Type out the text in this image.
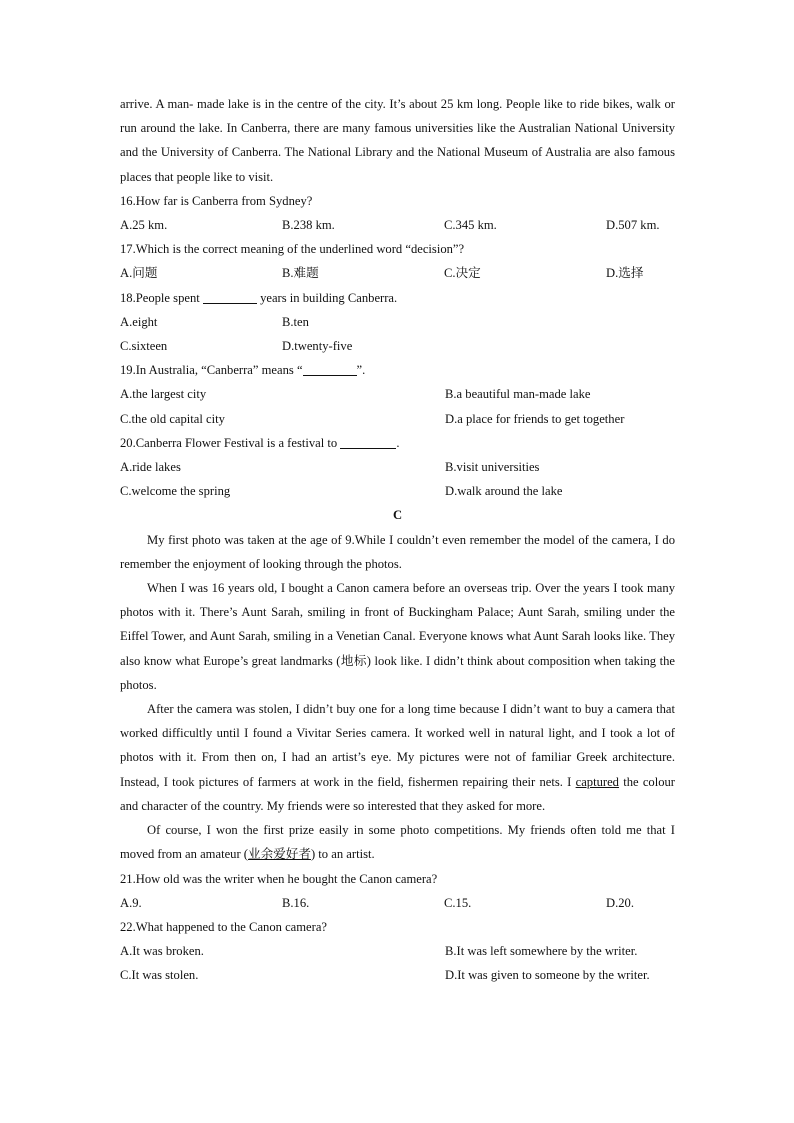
arrive. A man- made lake is in the centre of the city. It’s about 25 km long. People like to ride bikes, walk or run around the lake. In Canberra, there are many famous universities like the Australian National University and the University of Canberra. The National Library and the National Museum of Australia are also famous places that people like to visit.

16.How far is Canberra from Sydney?
A.25 km.	B.238 km.	C.345 km.	D.507 km.
17.Which is the correct meaning of the underlined word “decision”?
A.问题	B.难题	C.决定	D.选择
18.People spent	years in building Canberra.
A.eight	B.ten
C.sixteen	D.twenty-five
19.In Australia, “Canberra” means “	”.
A.the largest city	B.a beautiful man-made lake
C.the old capital city	D.a place for friends to get together
20.Canberra Flower Festival is a festival to	.
A.ride lakes	B.visit universities
C.welcome the spring	D.walk around the lake
C

My first photo was taken at the age of 9.While I couldn’t even remember the model of the camera, I do remember the enjoyment of looking through the photos.

When I was 16 years old, I bought a Canon camera before an overseas trip. Over the years I took many photos with it. There’s Aunt Sarah, smiling in front of Buckingham Palace; Aunt Sarah, smiling under the Eiffel Tower, and Aunt Sarah, smiling in a Venetian Canal. Everyone knows what Aunt Sarah looks like. They also know what Europe’s great landmarks (地标) look like. I didn’t think about composition when taking the photos.

After the camera was stolen, I didn’t buy one for a long time because I didn’t want to buy a camera that worked difficultly until I found a Vivitar Series camera. It worked well in natural light, and I took a lot of photos with it. From then on, I had an artist’s eye. My pictures were not of familiar Greek architecture. Instead, I took pictures of farmers at work in the field, fishermen repairing their nets. I captured the colour and character of the country. My friends were so interested that they asked for more.

Of course, I won the first prize easily in some photo competitions. My friends often told me that I moved from an amateur (业余爱好者) to an artist.

21.How old was the writer when he bought the Canon camera?
A.9.	B.16.	C.15.	D.20.
22.What happened to the Canon camera?
A.It was broken.	B.It was left somewhere by the writer.
C.It was stolen.	D.It was given to someone by the writer.
